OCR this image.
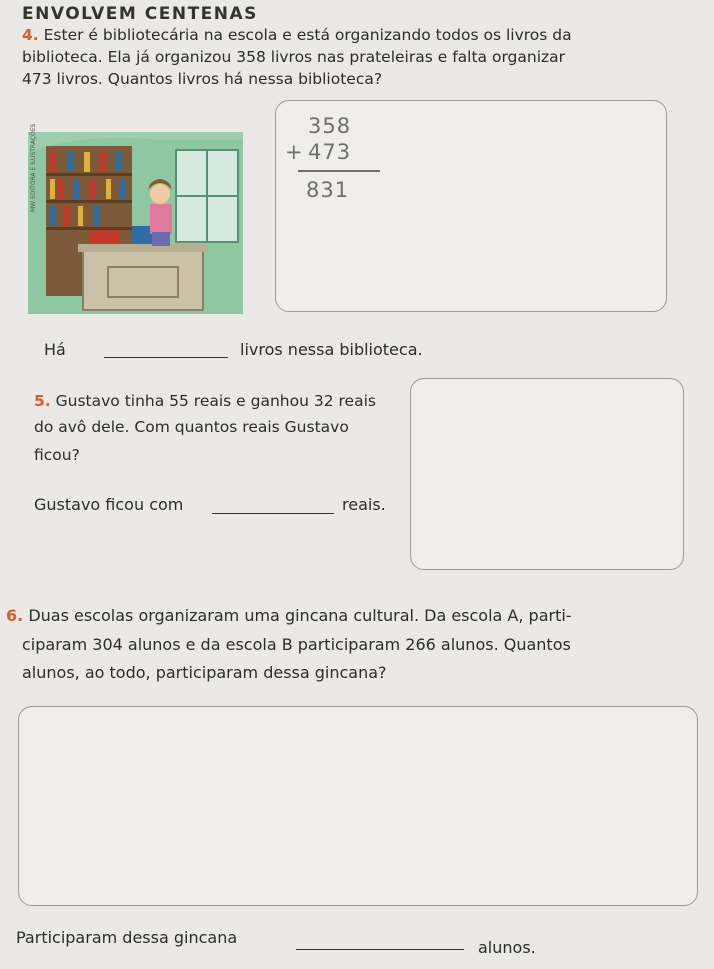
ENVOLVEM CENTENAS
4. Ester é bibliotecária na escola e está organizando todos os livros da
biblioteca. Ela já organizou 358 livros nas prateleiras e falta organizar
473 livros. Quantos livros há nessa biblioteca?
MW EDITORA E ILUSTRAÇÕES	358
+ 473
831
Há	livros nessa biblioteca.
5. Gustavo tinha 55 reais e ganhou 32 reais
do avô dele. Com quantos reais Gustavo
ficou?
Gustavo ficou com	reais.
6. Duas escolas organizaram uma gincana cultural. Da escola A, parti-
ciparam 304 alunos e da escola B participaram 266 alunos. Quantos
alunos, ao todo, participaram dessa gincana?
Participaram dessa gincana
alunos.
